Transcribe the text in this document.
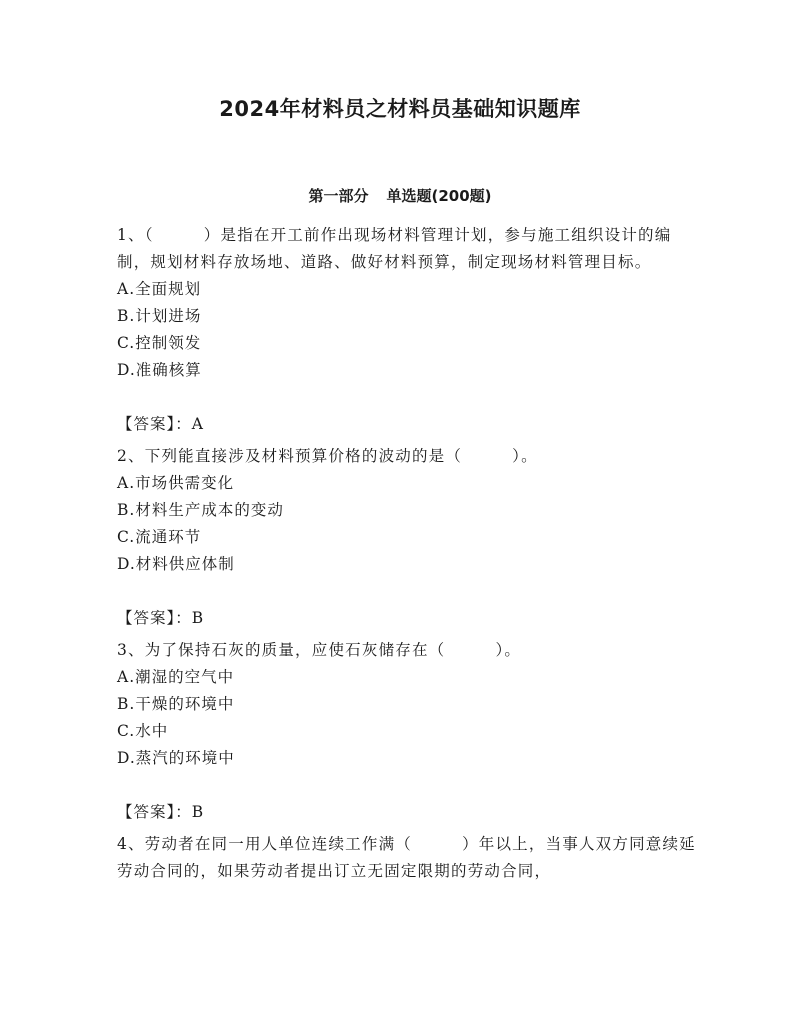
2024年材料员之材料员基础知识题库
第一部分 单选题(200题)

1、（　　　）是指在开工前作出现场材料管理计划，参与施工组织设计的编制，规划材料存放场地、道路、做好材料预算，制定现场材料管理目标。

A.全面规划

B.计划进场

C.控制领发

D.准确核算

【答案】：A

2、下列能直接涉及材料预算价格的波动的是（　　　）。

A.市场供需变化

B.材料生产成本的变动

C.流通环节

D.材料供应体制

【答案】：B

3、为了保持石灰的质量，应使石灰储存在（　　　）。

A.潮湿的空气中

B.干燥的环境中

C.水中

D.蒸汽的环境中

【答案】：B

4、劳动者在同一用人单位连续工作满（　　　）年以上，当事人双方同意续延劳动合同的，如果劳动者提出订立无固定限期的劳动合同，
